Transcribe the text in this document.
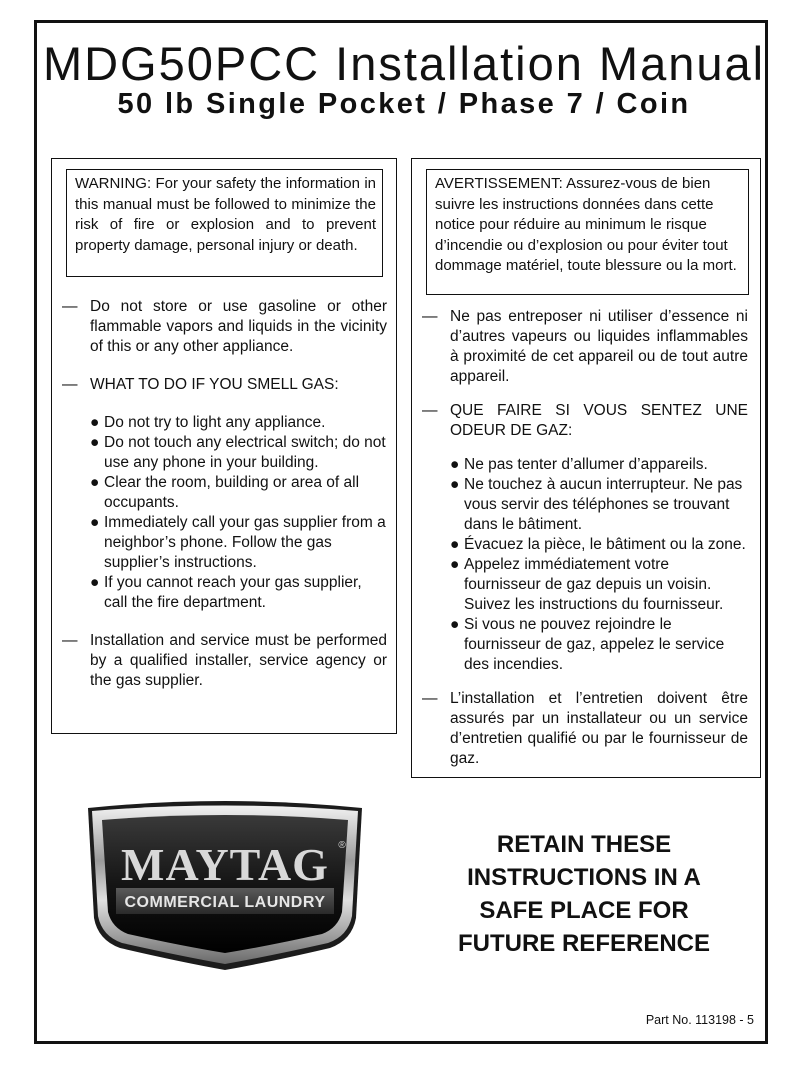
MDG50PCC Installation Manual
50 lb Single Pocket / Phase 7 / Coin
WARNING: For your safety the information in this manual must be followed to minimize the risk of fire or explosion and to prevent property damage, personal injury or death.
— Do not store or use gasoline or other flammable vapors and liquids in the vicinity of this or any other appliance.
— WHAT TO DO IF YOU SMELL GAS:
● Do not try to light any appliance.
● Do not touch any electrical switch; do not use any phone in your building.
● Clear the room, building or area of all occupants.
● Immediately call your gas supplier from a neighbor’s phone. Follow the gas supplier’s instructions.
● If you cannot reach your gas supplier, call the fire department.
— Installation and service must be performed by a qualified installer, service agency or the gas supplier.
AVERTISSEMENT: Assurez-vous de bien suivre les instructions données dans cette notice pour réduire au minimum le risque d’incendie ou d’explosion ou pour éviter tout dommage matériel, toute blessure ou la mort.
— Ne pas entreposer ni utiliser d’essence ni d’autres vapeurs ou liquides inflammables à proximité de cet appareil ou de tout autre appareil.
— QUE FAIRE SI VOUS SENTEZ UNE ODEUR DE GAZ:
● Ne pas tenter d’allumer d’appareils.
● Ne touchez à aucun interrupteur. Ne pas vous servir des téléphones se trouvant dans le bâtiment.
● Évacuez la pièce, le bâtiment ou la zone.
● Appelez immédiatement votre fournisseur de gaz depuis un voisin. Suivez les instructions du fournisseur.
● Si vous ne pouvez rejoindre le fournisseur de gaz, appelez le service des incendies.
— L’installation et l’entretien doivent être assurés par un installateur ou un service d’entretien qualifié ou par le fournisseur de gaz.
MAYTAG ®
COMMERCIAL LAUNDRY
RETAIN THESE
INSTRUCTIONS IN A
SAFE PLACE FOR
FUTURE REFERENCE
Part No. 113198 - 5
